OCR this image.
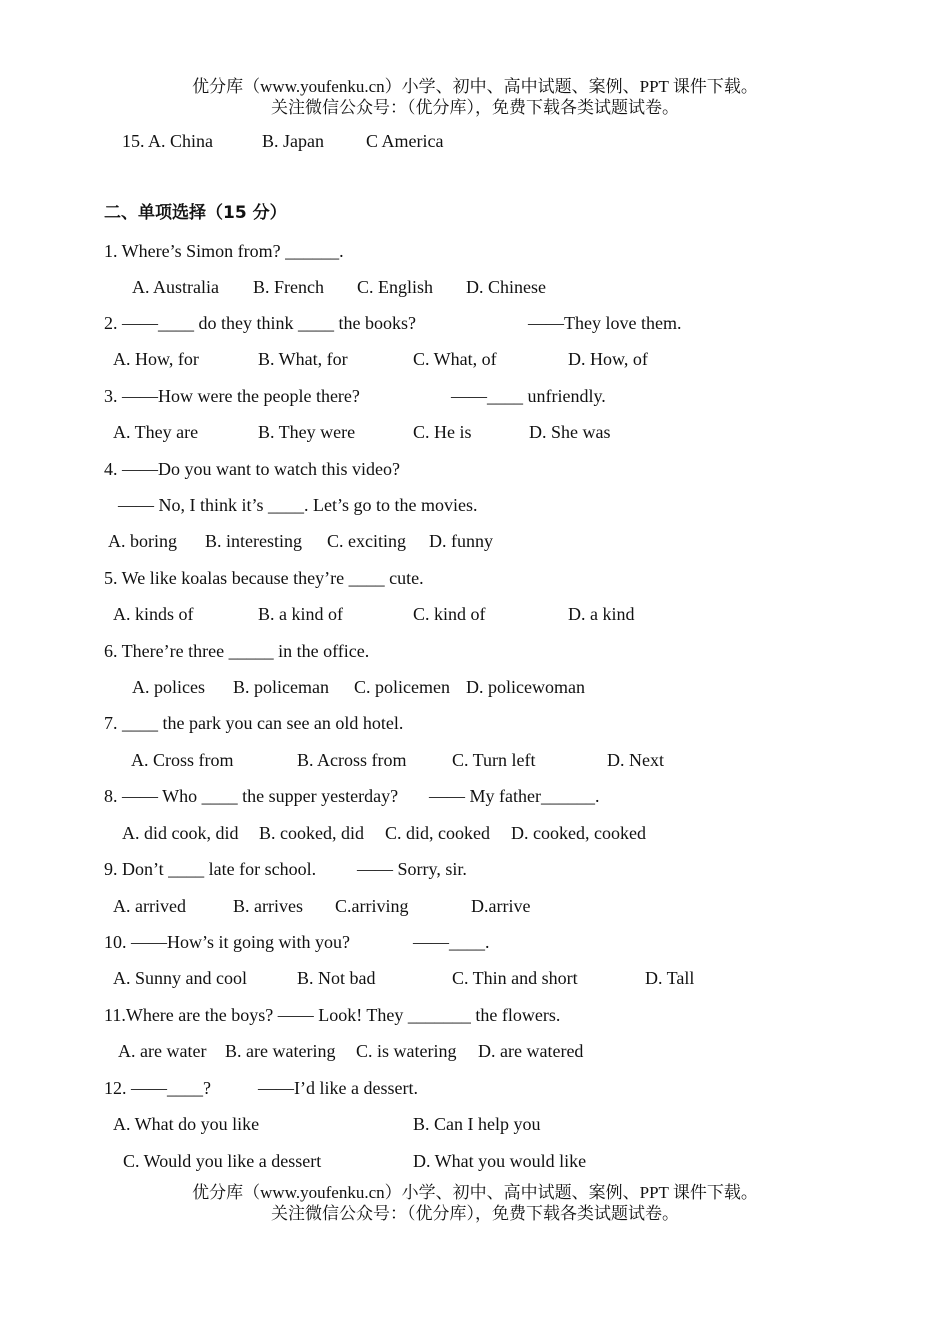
优分库（www.youfenku.cn）小学、初中、高中试题、案例、PPT 课件下载。
关注微信公众号：（优分库），免费下载各类试题试卷。
15. A. China	B. Japan C America
二、单项选择（15 分）
1. Where’s Simon from? ______.
A. Australia B. French C. English D. Chinese
2. ——____ do they think ____ the books?	——They love them.
A. How, for	B. What, for	C. What, of	D. How, of
3. ——How were the people there?	——____ unfriendly.
A. They are	B. They were	C. He is	D. She was
4. ——Do you want to watch this video?
—— No, I think it’s ____. Let’s go to the movies.
A. boring B. interesting C. exciting D. funny
5. We like koalas because they’re ____ cute.
A. kinds of	B. a kind of	C. kind of	D. a kind
6. There’re three _____ in the office.
A. polices B. policeman C. policemen D. policewoman
7. ____ the park you can see an old hotel.
A. Cross from	B. Across from	C. Turn left	D. Next
8. —— Who ____ the supper yesterday? —— My father______.
A. did cook, did B. cooked, did C. did, cooked D. cooked, cooked
9. Don’t ____ late for school. —— Sorry, sir.
A. arrived	B. arrives C.arriving	D.arrive
10. ——How’s it going with you?	——____.
A. Sunny and cool	B. Not bad	C. Thin and short	D. Tall
11.Where are the boys? —— Look! They _______ the flowers.
A. are water B. are watering C. is watering D. are watered
12. ——____?	——I’d like a dessert.
A. What do you like	B. Can I help you
C. Would you like a dessert	D. What you would like
优分库（www.youfenku.cn）小学、初中、高中试题、案例、PPT 课件下载。
关注微信公众号：（优分库），免费下载各类试题试卷。
